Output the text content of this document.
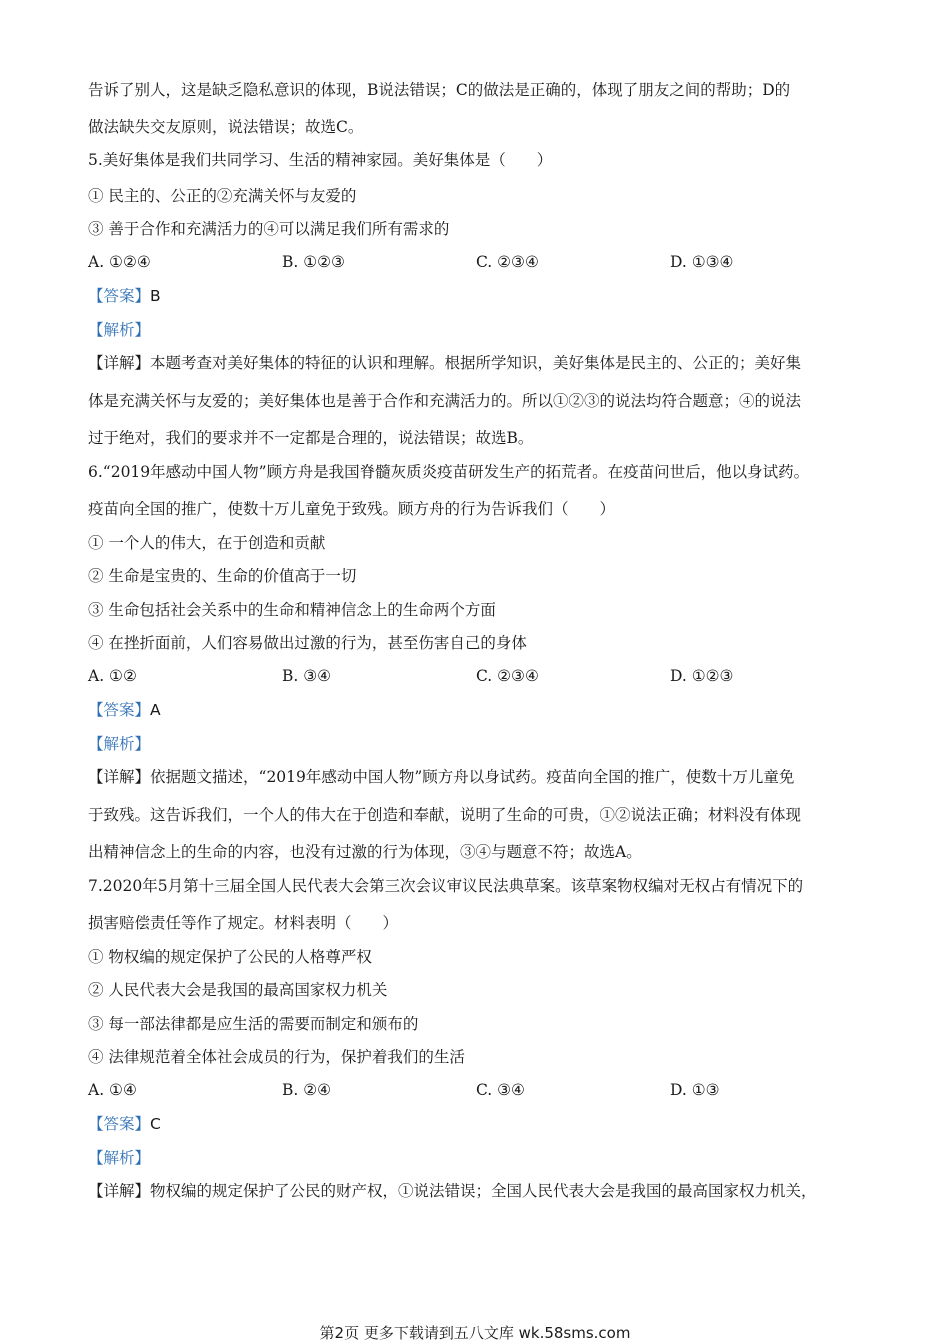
告诉了别人，这是缺乏隐私意识的体现，B说法错误；C的做法是正确的，体现了朋友之间的帮助；D的
做法缺失交友原则，说法错误；故选C。
5.美好集体是我们共同学习、生活的精神家园。美好集体是（　　）
① 民主的、公正的②充满关怀与友爱的
③ 善于合作和充满活力的④可以满足我们所有需求的
A. ①②④	B. ①②③	C. ②③④	D. ①③④
【答案】B
【解析】
【详解】本题考查对美好集体的特征的认识和理解。根据所学知识，美好集体是民主的、公正的；美好集
体是充满关怀与友爱的；美好集体也是善于合作和充满活力的。所以①②③的说法均符合题意；④的说法
过于绝对，我们的要求并不一定都是合理的，说法错误；故选B。
6.“2019年感动中国人物”顾方舟是我国脊髓灰质炎疫苗研发生产的拓荒者。在疫苗问世后，他以身试药。
疫苗向全国的推广，使数十万儿童免于致残。顾方舟的行为告诉我们（　　）
① 一个人的伟大，在于创造和贡献
② 生命是宝贵的、生命的价值高于一切
③ 生命包括社会关系中的生命和精神信念上的生命两个方面
④ 在挫折面前，人们容易做出过激的行为，甚至伤害自己的身体
A. ①②	B. ③④	C. ②③④	D. ①②③
【答案】A
【解析】
【详解】依据题文描述，“2019年感动中国人物”顾方舟以身试药。疫苗向全国的推广，使数十万儿童免
于致残。这告诉我们，一个人的伟大在于创造和奉献，说明了生命的可贵，①②说法正确；材料没有体现
出精神信念上的生命的内容，也没有过激的行为体现，③④与题意不符；故选A。
7.2020年5月第十三届全国人民代表大会第三次会议审议民法典草案。该草案物权编对无权占有情况下的
损害赔偿责任等作了规定。材料表明（　　）
① 物权编的规定保护了公民的人格尊严权
② 人民代表大会是我国的最高国家权力机关
③ 每一部法律都是应生活的需要而制定和颁布的
④ 法律规范着全体社会成员的行为，保护着我们的生活
A. ①④	B. ②④	C. ③④	D. ①③
【答案】C
【解析】
【详解】物权编的规定保护了公民的财产权，①说法错误；全国人民代表大会是我国的最高国家权力机关，
第2页 更多下载请到五八文库 wk.58sms.com
